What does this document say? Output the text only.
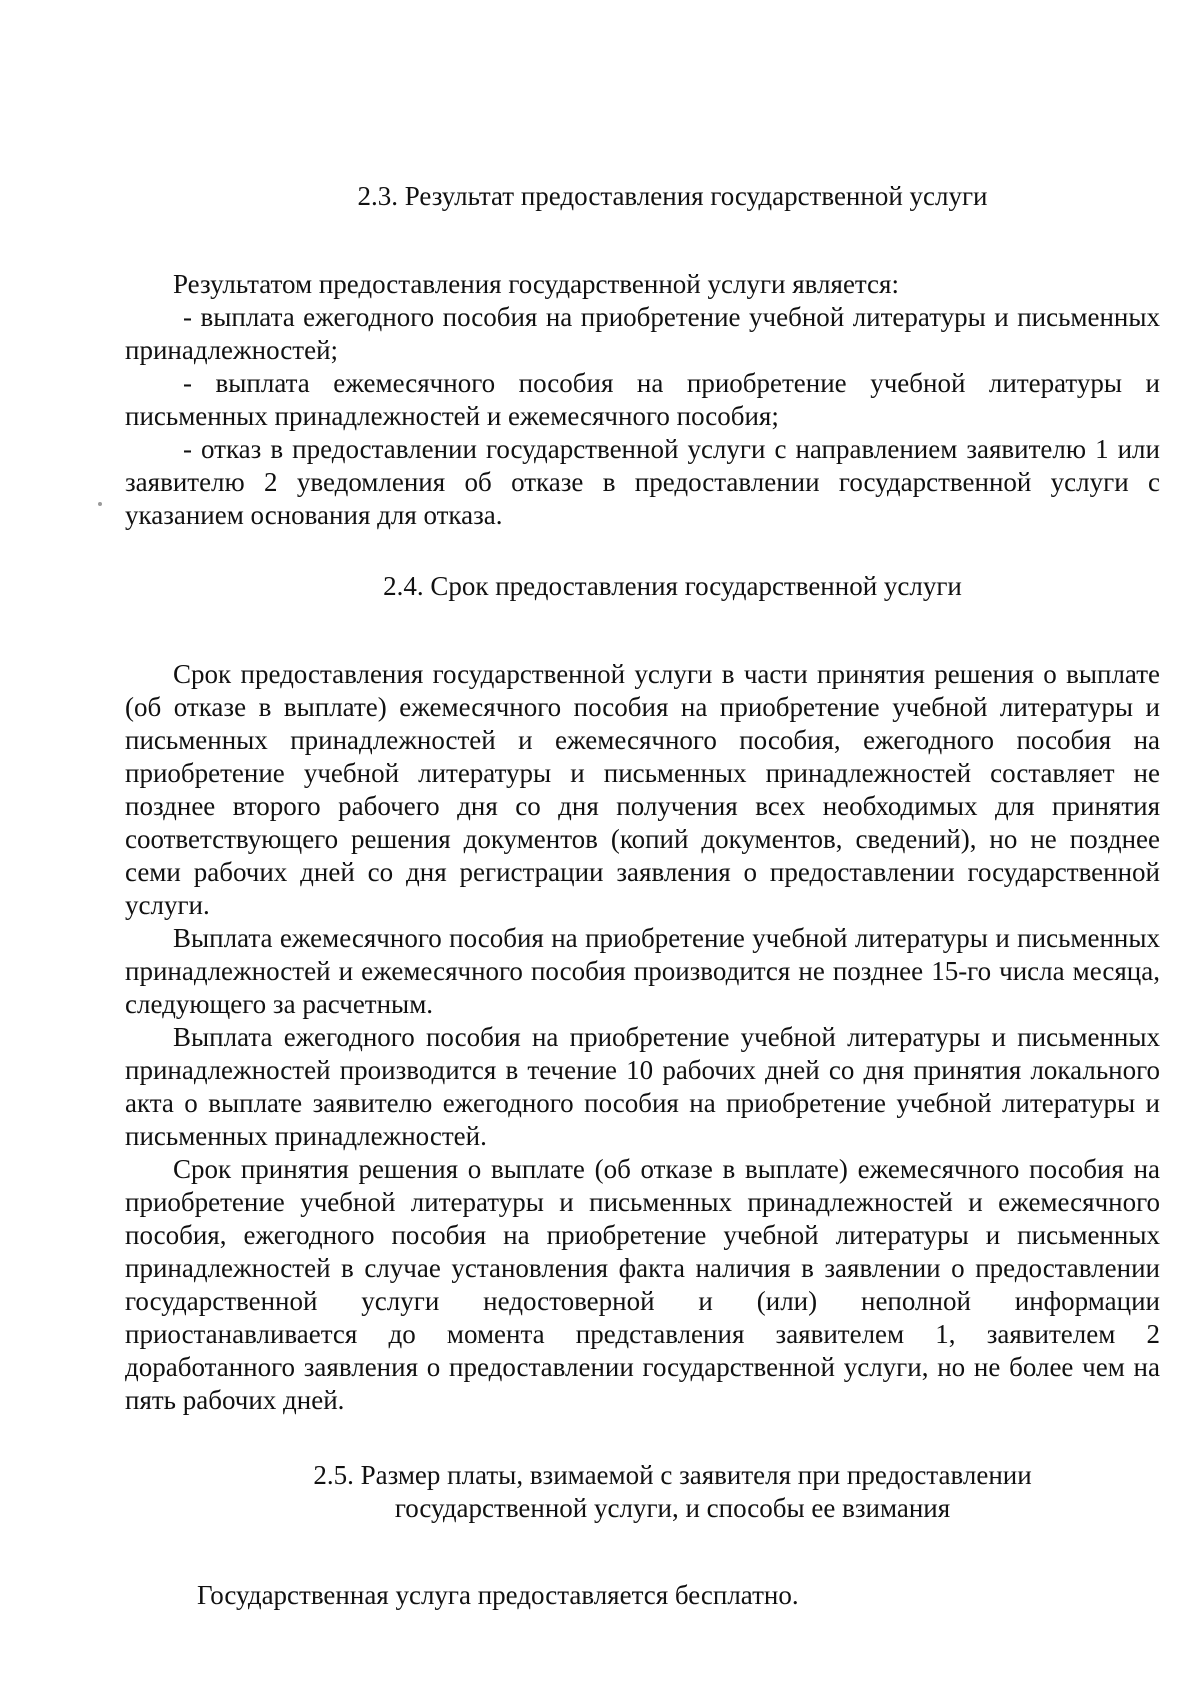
2.3. Результат предоставления государственной услуги

Результатом предоставления государственной услуги является:

- выплата ежегодного пособия на приобретение учебной литературы и письменных принадлежностей;

- выплата ежемесячного пособия на приобретение учебной литературы и письменных принадлежностей и ежемесячного пособия;

- отказ в предоставлении государственной услуги с направлением заявителю 1 или заявителю 2 уведомления об отказе в предоставлении государственной услуги с указанием основания для отказа.

2.4. Срок предоставления государственной услуги

Срок предоставления государственной услуги в части принятия решения о выплате (об отказе в выплате) ежемесячного пособия на приобретение учебной литературы и письменных принадлежностей и ежемесячного пособия, ежегодного пособия на приобретение учебной литературы и письменных принадлежностей составляет не позднее второго рабочего дня со дня получения всех необходимых для принятия соответствующего решения документов (копий документов, сведений), но не позднее семи рабочих дней со дня регистрации заявления о предоставлении государственной услуги.

Выплата ежемесячного пособия на приобретение учебной литературы и письменных принадлежностей и ежемесячного пособия производится не позднее 15-го числа месяца, следующего за расчетным.

Выплата ежегодного пособия на приобретение учебной литературы и письменных принадлежностей производится в течение 10 рабочих дней со дня принятия локального акта о выплате заявителю ежегодного пособия на приобретение учебной литературы и письменных принадлежностей.

Срок принятия решения о выплате (об отказе в выплате) ежемесячного пособия на приобретение учебной литературы и письменных принадлежностей и ежемесячного пособия, ежегодного пособия на приобретение учебной литературы и письменных принадлежностей в случае установления факта наличия в заявлении о предоставлении государственной услуги недостоверной и (или) неполной информации приостанавливается до момента представления заявителем 1, заявителем 2 доработанного заявления о предоставлении государственной услуги, но не более чем на пять рабочих дней.

2.5. Размер платы, взимаемой с заявителя при предоставлении
государственной услуги, и способы ее взимания

Государственная услуга предоставляется бесплатно.
